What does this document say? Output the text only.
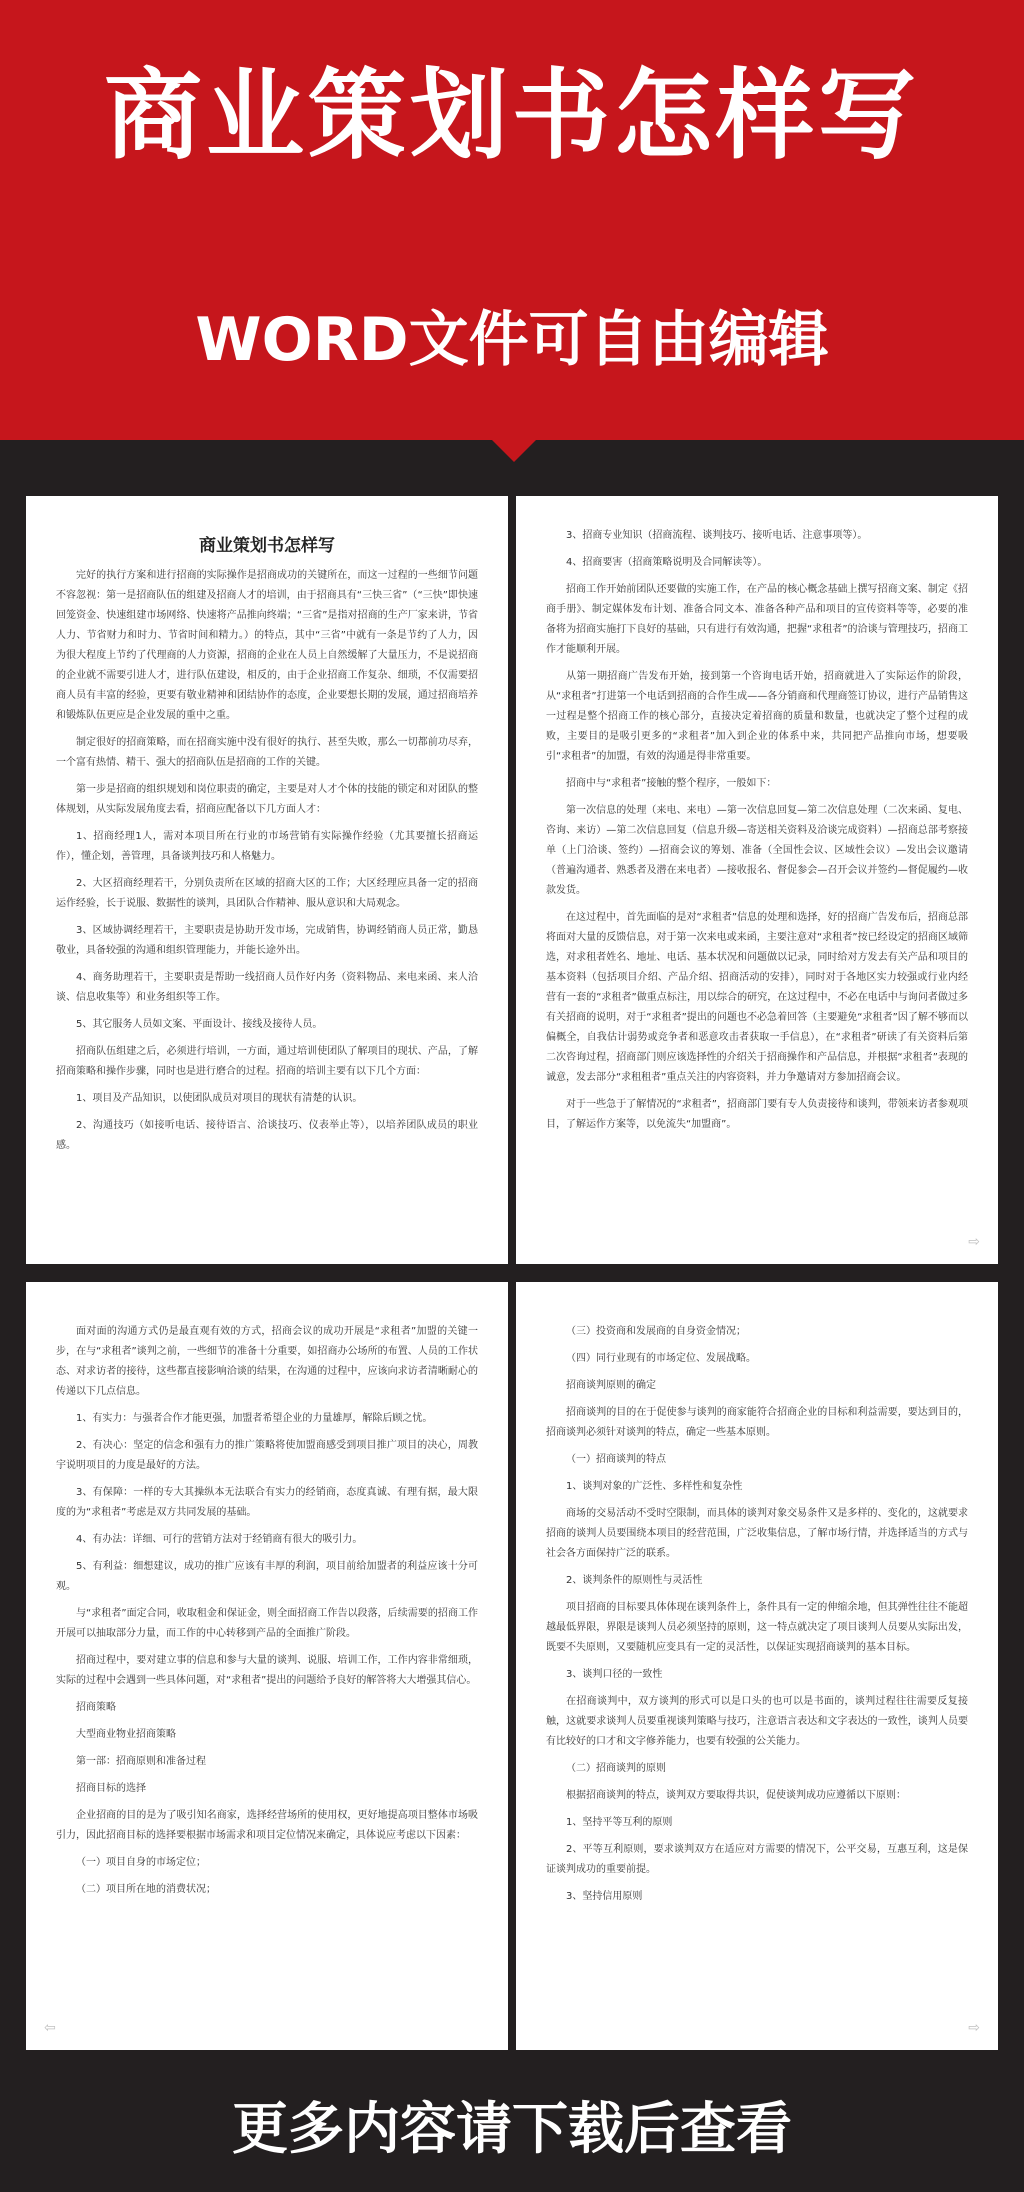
商业策划书怎样写
WORD文件可自由编辑
商业策划书怎样写

完好的执行方案和进行招商的实际操作是招商成功的关键所在，而这一过程的一些细节问题不容忽视：第一是招商队伍的组建及招商人才的培训，由于招商具有“三快三省”（“三快”即快速回笼资金、快速组建市场网络、快速将产品推向终端；“三省”是指对招商的生产厂家来讲，节省人力、节省财力和时力、节省时间和精力。）的特点，其中“三省”中就有一条是节约了人力，因为很大程度上节约了代理商的人力资源，招商的企业在人员上自然缓解了大量压力，不是说招商的企业就不需要引进人才，进行队伍建设，相反的，由于企业招商工作复杂、细琐，不仅需要招商人员有丰富的经验，更要有敬业精神和团结协作的态度，企业要想长期的发展，通过招商培养和锻炼队伍更应是企业发展的重中之重。

制定很好的招商策略，而在招商实施中没有很好的执行、甚至失败，那么一切都前功尽弃，一个富有热情、精干、强大的招商队伍是招商的工作的关键。

第一步是招商的组织规划和岗位职责的确定，主要是对人才个体的技能的锁定和对团队的整体规划，从实际发展角度去看，招商应配备以下几方面人才：

1、招商经理1人，需对本项目所在行业的市场营销有实际操作经验（尤其要擅长招商运作），懂企划，善管理，具备谈判技巧和人格魅力。

2、大区招商经理若干，分别负责所在区域的招商大区的工作；大区经理应具备一定的招商运作经验，长于说服、数据性的谈判，具团队合作精神、服从意识和大局观念。

3、区域协调经理若干，主要职责是协助开发市场，完成销售，协调经销商人员正常，勤恳敬业，具备较强的沟通和组织管理能力，并能长途外出。

4、商务助理若干，主要职责是帮助一线招商人员作好内务（资料物品、来电来函、来人洽谈、信息收集等）和业务组织等工作。

5、其它服务人员如文案、平面设计、接线及接待人员。

招商队伍组建之后，必须进行培训，一方面，通过培训使团队了解项目的现状、产品，了解招商策略和操作步骤，同时也是进行磨合的过程。招商的培训主要有以下几个方面：

1、项目及产品知识，以使团队成员对项目的现状有清楚的认识。

2、沟通技巧（如接听电话、接待语言、洽谈技巧、仪表举止等），以培养团队成员的职业感。

3、招商专业知识（招商流程、谈判技巧、接听电话、注意事项等）。

4、招商要害（招商策略说明及合同解读等）。

招商工作开始前团队还要做的实施工作，在产品的核心概念基础上撰写招商文案、制定《招商手册》、制定媒体发布计划、准备合同文本、准备各种产品和项目的宣传资料等等，必要的准备将为招商实施打下良好的基础，只有进行有效沟通，把握“求租者”的洽谈与管理技巧，招商工作才能顺利开展。

从第一期招商广告发布开始，接到第一个咨询电话开始，招商就进入了实际运作的阶段，从“求租者”打进第一个电话到招商的合作生成——各分销商和代理商签订协议，进行产品销售这一过程是整个招商工作的核心部分，直接决定着招商的质量和数量，也就决定了整个过程的成败，主要目的是吸引更多的“求租者”加入到企业的体系中来，共同把产品推向市场，想要吸引“求租者”的加盟，有效的沟通是得非常重要。

招商中与“求租者”接触的整个程序，一般如下：

第一次信息的处理（来电、来电）—第一次信息回复—第二次信息处理（二次来函、复电、咨询、来访）—第二次信息回复（信息升级—寄送相关资料及洽谈完成资料）—招商总部考察接单（上门洽谈、签约）—招商会议的筹划、准备（全国性会议、区域性会议）—发出会议邀请（普遍沟通者、熟悉者及潜在来电者）—接收报名、督促参会—召开会议并签约—督促履约—收款发货。

在这过程中，首先面临的是对“求租者”信息的处理和选择，好的招商广告发布后，招商总部将面对大量的反馈信息，对于第一次来电或来函，主要注意对“求租者”按已经设定的招商区域筛选，对求租者姓名、地址、电话、基本状况和问题做以记录，同时给对方发去有关产品和项目的基本资料（包括项目介绍、产品介绍、招商活动的安排），同时对于各地区实力较强或行业内经营有一套的“求租者”做重点标注，用以综合的研究，在这过程中，不必在电话中与询问者做过多有关招商的说明，对于“求租者”提出的问题也不必急着回答（主要避免“求租者”因了解不够而以偏概全，自我估计弱势或竞争者和恶意攻击者获取一手信息），在“求租者”研读了有关资料后第二次咨询过程，招商部门则应该选择性的介绍关于招商操作和产品信息，并根据“求租者”表现的诚意，发去部分“求租租者”重点关注的内容资料，并力争邀请对方参加招商会议。

对于一些急于了解情况的“求租者”，招商部门要有专人负责接待和谈判，带领来访者参观项目，了解运作方案等，以免流失“加盟商”。

⇨

面对面的沟通方式仍是最直观有效的方式，招商会议的成功开展是“求租者”加盟的关键一步，在与“求租者”谈判之前，一些细节的准备十分重要，如招商办公场所的布置、人员的工作状态、对求访者的接待，这些都直接影响洽谈的结果，在沟通的过程中，应该向求访者清晰耐心的传递以下几点信息。

1、有实力：与强者合作才能更强，加盟者希望企业的力量雄厚，解除后顾之忧。

2、有决心：坚定的信念和强有力的推广策略将使加盟商感受到项目推广项目的决心，周教宇说明项目的力度是最好的方法。

3、有保障：一样的专大其操纵本无法联合有实力的经销商，态度真诚、有理有据，最大限度的为“求租者”考虑是双方共同发展的基础。

4、有办法：详细、可行的营销方法对于经销商有很大的吸引力。

5、有利益：细想建议，成功的推广应该有丰厚的利润，项目前给加盟者的利益应该十分可观。

与“求租者”面定合同，收取租金和保证金，则全面招商工作告以段落，后续需要的招商工作开展可以抽取部分力量，而工作的中心转移到产品的全面推广阶段。

招商过程中，要对建立事的信息和参与大量的谈判、说服、培训工作，工作内容非常细琐，实际的过程中会遇到一些具体问题，对“求租者”提出的问题给予良好的解答将大大增强其信心。

招商策略

大型商业物业招商策略

第一部：招商原则和准备过程

招商目标的选择

企业招商的目的是为了吸引知名商家，选择经营场所的使用权，更好地提高项目整体市场吸引力，因此招商目标的选择要根据市场需求和项目定位情况来确定，具体说应考虑以下因素：

（一）项目自身的市场定位；

（二）项目所在地的消费状况；

⇦

（三）投资商和发展商的自身资金情况；

（四）同行业现有的市场定位、发展战略。

招商谈判原则的确定

招商谈判的目的在于促使参与谈判的商家能符合招商企业的目标和利益需要，要达到目的，招商谈判必须针对谈判的特点，确定一些基本原则。

（一）招商谈判的特点

1、谈判对象的广泛性、多样性和复杂性

商场的交易活动不受时空限制，而具体的谈判对象交易条件又是多样的、变化的，这就要求招商的谈判人员要围绕本项目的经营范围，广泛收集信息，了解市场行情，并选择适当的方式与社会各方面保持广泛的联系。

2、谈判条件的原则性与灵活性

项目招商的目标要具体体现在谈判条件上，条件具有一定的伸缩余地，但其弹性往往不能超越最低界限，界限是谈判人员必须坚持的原则，这一特点就决定了项目谈判人员要从实际出发，既要不失原则，又要随机应变具有一定的灵活性，以保证实现招商谈判的基本目标。

3、谈判口径的一致性

在招商谈判中，双方谈判的形式可以是口头的也可以是书面的，谈判过程往往需要反复接触，这就要求谈判人员要重视谈判策略与技巧，注意语言表达和文字表达的一致性，谈判人员要有比较好的口才和文字修养能力，也要有较强的公关能力。

（二）招商谈判的原则

根据招商谈判的特点，谈判双方要取得共识，促使谈判成功应遵循以下原则：

1、坚持平等互利的原则

2、平等互利原则，要求谈判双方在适应对方需要的情况下，公平交易，互惠互利，这是保证谈判成功的重要前提。

3、坚持信用原则

⇨
更多内容请下载后查看
